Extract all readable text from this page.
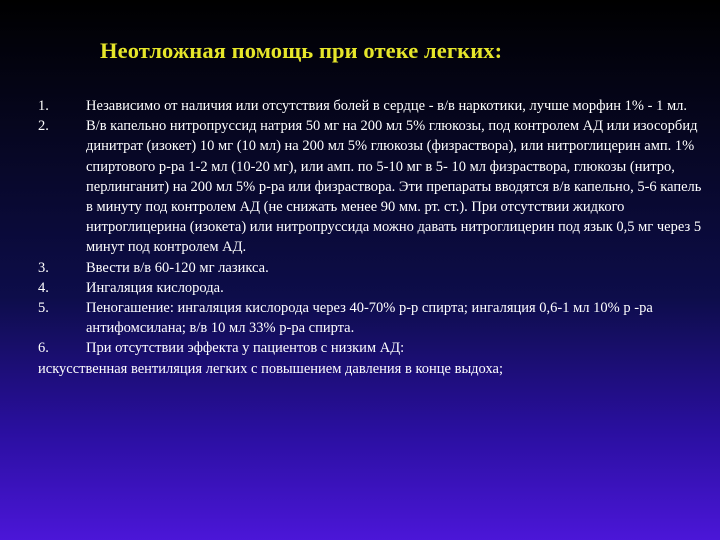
Неотложная помощь при отеке легких:
1.	Независимо от наличия или отсутствия болей в сердце - в/в наркотики, лучше морфин 1% - 1 мл.
2.	В/в капельно нитропруссид натрия 50 мг на 200 мл 5% глюкозы, под контролем АД или изосорбид динитрат (изокет) 10 мг (10 мл) на 200 мл 5% глюкозы (физраствора), или нитроглицерин амп. 1% спиртового р-ра 1-2 мл (10-20 мг), или амп. по 5-10 мг в 5- 10 мл физраствора, глюкозы (нитро, перлинганит) на 200 мл 5% р-ра или физраствора. Эти препараты вводятся в/в капельно, 5-6 капель в минуту под контролем АД (не снижать менее 90 мм. рт. ст.). При отсутствии жидкого нитроглицерина (изокета) или нитропруссида можно давать нитроглицерин под язык 0,5 мг через 5 минут под контролем АД.
3.	Ввести в/в 60-120 мг лазикса.
4.	Ингаляция кислорода.
5.	Пеногашение: ингаляция кислорода через 40-70% р-р спирта; ингаляция 0,6-1 мл 10% р -ра антифомсилана; в/в 10 мл 33% р-ра спирта.
6.	При отсутствии эффекта у пациентов с низким АД:
искусственная вентиляция легких с повышением давления в конце выдоха;
